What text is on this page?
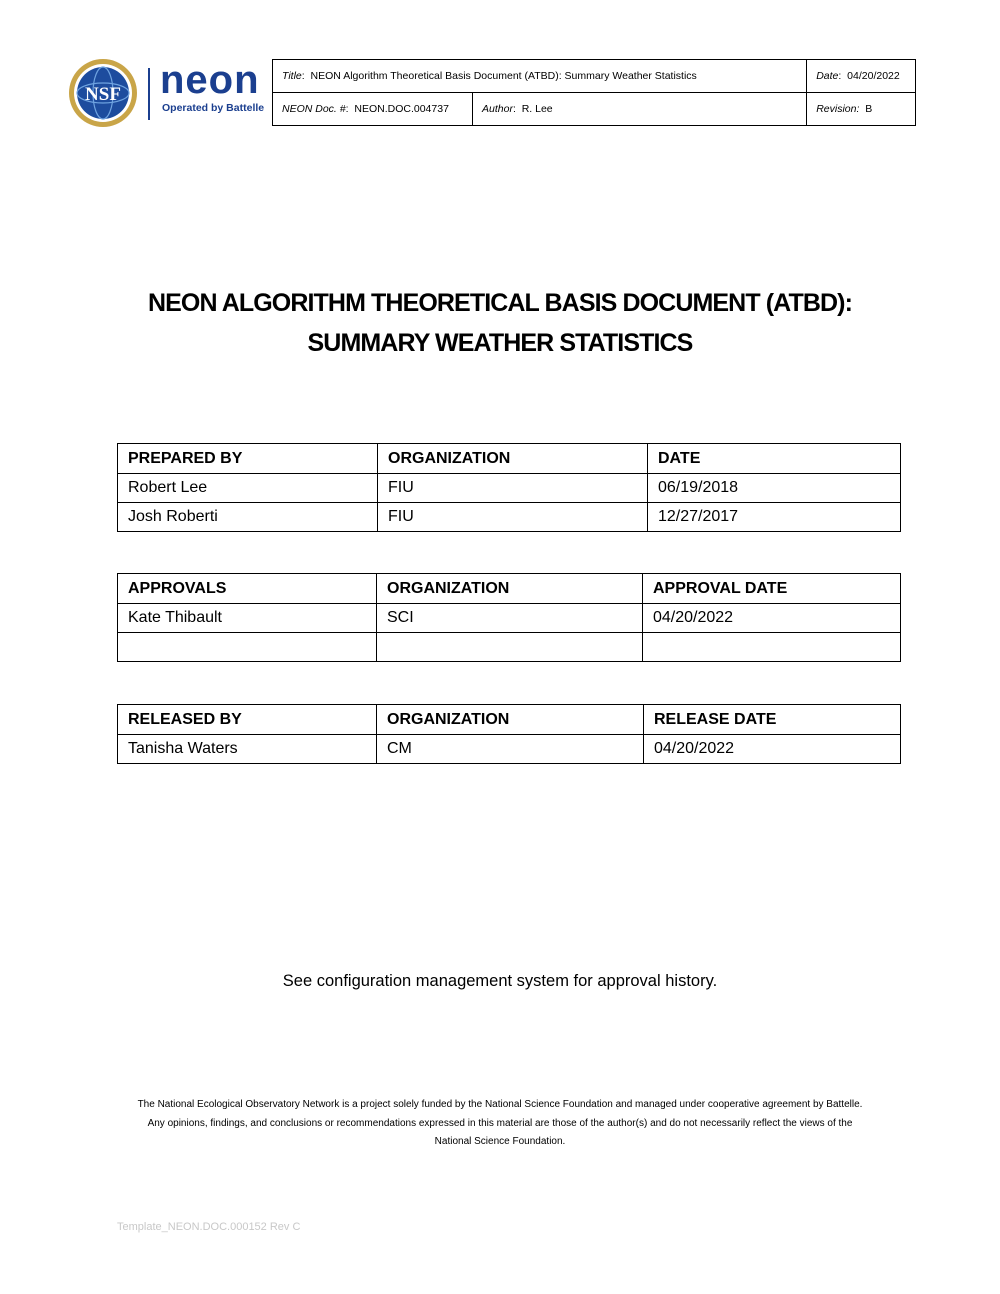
NSF neon
Operated by Battelle
Title:  NEON Algorithm Theoretical Basis Document (ATBD): Summary Weather Statistics		Date:  04/20/2022
NEON Doc. #:  NEON.DOC.004737	Author:  R. Lee	Revision: B
NEON ALGORITHM THEORETICAL BASIS DOCUMENT (ATBD):
SUMMARY WEATHER STATISTICS
PREPARED BY	ORGANIZATION	DATE
Robert Lee	FIU	06/19/2018
Josh Roberti	FIU	12/27/2017
APPROVALS	ORGANIZATION	APPROVAL DATE
Kate Thibault	SCI	04/20/2022

RELEASED BY	ORGANIZATION	RELEASE DATE
Tanisha Waters	CM	04/20/2022
See configuration management system for approval history.
The National Ecological Observatory Network is a project solely funded by the National Science Foundation and managed under cooperative agreement by Battelle.
Any opinions, findings, and conclusions or recommendations expressed in this material are those of the author(s) and do not necessarily reflect the views of the
National Science Foundation.
Template_NEON.DOC.000152 Rev C
